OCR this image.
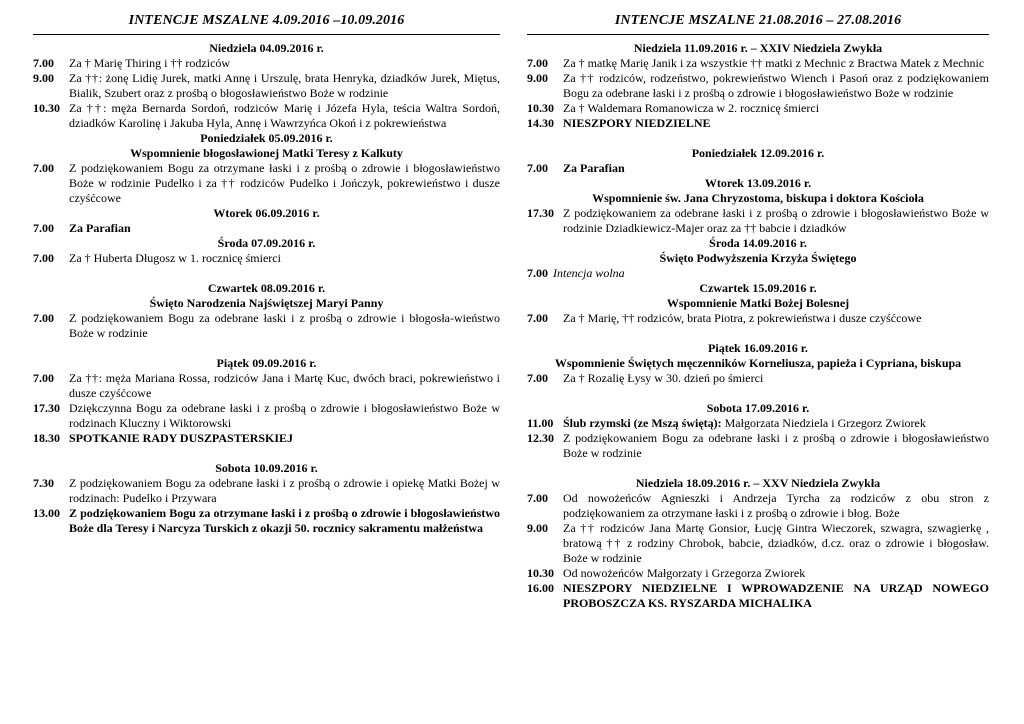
INTENCJE MSZALNE 4.09.2016 –10.09.2016
Niedziela 04.09.2016 r.
7.00	Za † Marię Thiring i †† rodziców
9.00	Za ††: żonę Lidię Jurek, matki Annę i Urszulę, brata Henryka, dziadków Jurek, Miętus, Bialik, Szubert oraz z prośbą o błogosławieństwo Boże w rodzinie
10.30 Za ††: męża Bernarda Sordoń, rodziców Marię i Józefa Hyla, teścia Waltra Sordoń, dziadków Karolinę i Jakuba Hyla, Annę i Wawrzyńca Okoń i z pokrewieństwa
Poniedziałek 05.09.2016 r.
Wspomnienie błogosławionej Matki Teresy z Kalkuty
7.00	Z podziękowaniem Bogu za otrzymane łaski i z prośbą o zdrowie i błogosławieństwo Boże w rodzinie Pudelko i za †† rodziców Pudelko i Jończyk, pokrewieństwo i dusze czyśćcowe
Wtorek 06.09.2016 r.
7.00	Za Parafian
Środa 07.09.2016 r.
7.00	Za † Huberta Długosz w 1. rocznicę śmierci
Czwartek 08.09.2016 r.
Święto Narodzenia Najświętszej Maryi Panny
7.00	Z podziękowaniem Bogu za odebrane łaski i z prośbą o zdrowie i błogosła-wieństwo Boże w rodzinie
Piątek 09.09.2016 r.
7.00	Za ††: męża Mariana Rossa, rodziców Jana i Martę Kuc, dwóch braci, pokrewieństwo i dusze czyśćcowe
17.30 Dziękczynna Bogu za odebrane łaski i z prośbą o zdrowie i błogosławieństwo Boże w rodzinach Kluczny i Wiktorowski
18.30 SPOTKANIE RADY DUSZPASTERSKIEJ
Sobota 10.09.2016 r.
7.30	Z podziękowaniem Bogu za odebrane łaski i z prośbą o zdrowie i opiekę Matki Bożej w rodzinach: Pudelko i Przywara
13.00 Z podziękowaniem Bogu za otrzymane łaski i z prośbą o zdrowie i błogosławieństwo Boże dla Teresy i Narcyza Turskich z okazji 50. rocznicy sakramentu małżeństwa
INTENCJE MSZALNE 21.08.2016 – 27.08.2016
Niedziela 11.09.2016 r. – XXIV Niedziela Zwykła
7.00	Za † matkę Marię Janik i za wszystkie †† matki z Mechnic z Bractwa Matek z Mechnic
9.00	Za †† rodziców, rodzeństwo, pokrewieństwo Wiench i Pasoń oraz z podziękowaniem Bogu za odebrane łaski i z prośbą o zdrowie i błogosławieństwo Boże w rodzinie
10.30 Za † Waldemara Romanowicza w 2. rocznicę śmierci
14.30 NIESZPORY NIEDZIELNE
Poniedziałek 12.09.2016 r.
7.00	Za Parafian
Wtorek 13.09.2016 r.
Wspomnienie św. Jana Chryzostoma, biskupa i doktora Kościoła
17.30 Z podziękowaniem za odebrane łaski i z prośbą o zdrowie i błogosławieństwo Boże w rodzinie Dziadkiewicz-Majer oraz za †† babcie i dziadków
Środa 14.09.2016 r.
Święto Podwyższenia Krzyża Świętego
7.00 Intencja wolna
Czwartek 15.09.2016 r.
Wspomnienie Matki Bożej Bolesnej
7.00	Za † Marię, †† rodziców, brata Piotra, z pokrewieństwa i dusze czyśćcowe
Piątek 16.09.2016 r.
Wspomnienie Świętych męczenników Korneliusza, papieża i Cypriana, biskupa
7.00	Za † Rozalię Łysy w 30. dzień po śmierci
Sobota 17.09.2016 r.
11.00 Ślub rzymski (ze Mszą świętą): Małgorzata Niedziela i Grzegorz Zwiorek
12.30 Z podziękowaniem Bogu za odebrane łaski i z prośbą o zdrowie i błogosławieństwo Boże w rodzinie
Niedziela 18.09.2016 r. – XXV Niedziela Zwykła
7.00	Od nowożeńców Agnieszki i Andrzeja Tyrcha za rodziców z obu stron z podziękowaniem za otrzymane łaski i z prośbą o zdrowie i błog. Boże
9.00	Za †† rodziców Jana Martę Gonsior, Łucję Gintra Wieczorek, szwagra, szwagierkę , bratową †† z rodziny Chrobok, babcie, dziadków, d.cz. oraz o zdrowie i błogosław. Boże w rodzinie
10.30 Od nowożeńców Małgorzaty i Grzegorza Zwiorek
16.00 NIESZPORY NIEDZIELNE I WPROWADZENIE NA URZĄD NOWEGO PROBOSZCZA KS. RYSZARDA MICHALIKA
